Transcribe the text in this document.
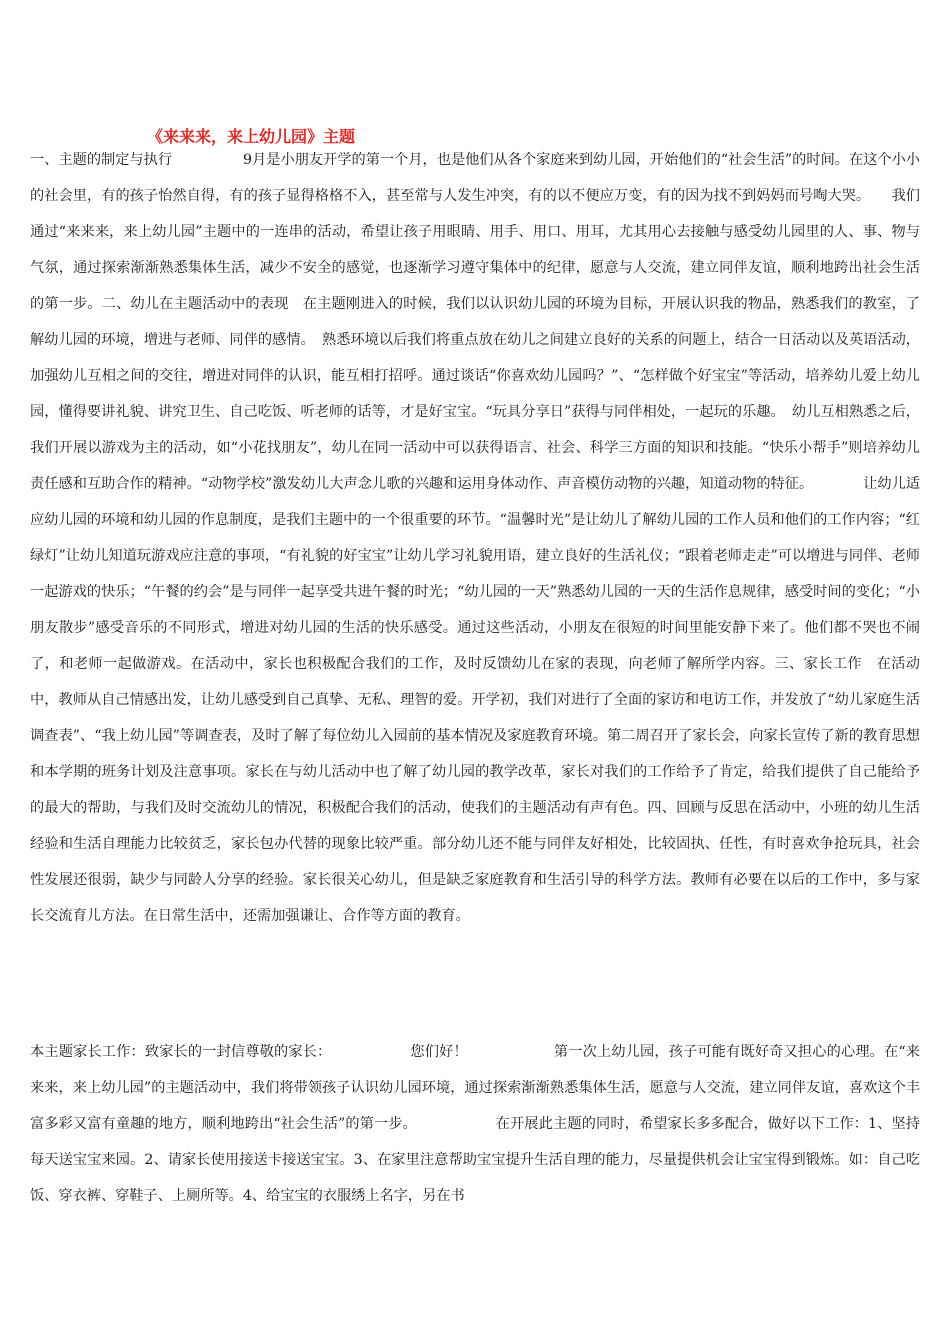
《来来来，来上幼儿园》主题

一、主题的制定与执行　　　　　9月是小朋友开学的第一个月，也是他们从各个家庭来到幼儿园，开始他们的“社会生活”的时间。在这个小小的社会里，有的孩子怡然自得，有的孩子显得格格不入，甚至常与人发生冲突，有的以不便应万变，有的因为找不到妈妈而号啕大哭。　　我们通过“来来来，来上幼儿园”主题中的一连串的活动，希望让孩子用眼睛、用手、用口、用耳，尤其用心去接触与感受幼儿园里的人、事、物与气氛，通过探索渐渐熟悉集体生活，减少不安全的感觉，也逐渐学习遵守集体中的纪律，愿意与人交流，建立同伴友谊，顺利地跨出社会生活的第一步。二、幼儿在主题活动中的表现　在主题刚进入的时候，我们以认识幼儿园的环境为目标，开展认识我的物品，熟悉我们的教室，了解幼儿园的环境，增进与老师、同伴的感情。　熟悉环境以后我们将重点放在幼儿之间建立良好的关系的问题上，结合一日活动以及英语活动，加强幼儿互相之间的交往，增进对同伴的认识，能互相打招呼。通过谈话“你喜欢幼儿园吗？”、“怎样做个好宝宝”等活动，培养幼儿爱上幼儿园，懂得要讲礼貌、讲究卫生、自己吃饭、听老师的话等，才是好宝宝。“玩具分享日”获得与同伴相处，一起玩的乐趣。　幼儿互相熟悉之后，我们开展以游戏为主的活动，如“小花找朋友”，幼儿在同一活动中可以获得语言、社会、科学三方面的知识和技能。“快乐小帮手”则培养幼儿责任感和互助合作的精神。“动物学校”激发幼儿大声念儿歌的兴趣和运用身体动作、声音模仿动物的兴趣，知道动物的特征。　　　　让幼儿适应幼儿园的环境和幼儿园的作息制度，是我们主题中的一个很重要的环节。“温馨时光”是让幼儿了解幼儿园的工作人员和他们的工作内容；“红绿灯”让幼儿知道玩游戏应注意的事项，“有礼貌的好宝宝”让幼儿学习礼貌用语，建立良好的生活礼仪；“跟着老师走走”可以增进与同伴、老师一起游戏的快乐；“午餐的约会”是与同伴一起享受共进午餐的时光；“幼儿园的一天”熟悉幼儿园的一天的生活作息规律，感受时间的变化；“小朋友散步”感受音乐的不同形式，增进对幼儿园的生活的快乐感受。通过这些活动，小朋友在很短的时间里能安静下来了。他们都不哭也不闹了，和老师一起做游戏。在活动中，家长也积极配合我们的工作，及时反馈幼儿在家的表现，向老师了解所学内容。三、家长工作　在活动中，教师从自己情感出发，让幼儿感受到自己真挚、无私、理智的爱。开学初，我们对进行了全面的家访和电访工作，并发放了“幼儿家庭生活调查表”、“我上幼儿园”等调查表，及时了解了每位幼儿入园前的基本情况及家庭教育环境。第二周召开了家长会，向家长宣传了新的教育思想和本学期的班务计划及注意事项。家长在与幼儿活动中也了解了幼儿园的教学改革，家长对我们的工作给予了肯定，给我们提供了自己能给予的最大的帮助，与我们及时交流幼儿的情况，积极配合我们的活动，使我们的主题活动有声有色。四、回顾与反思在活动中，小班的幼儿生活经验和生活自理能力比较贫乏，家长包办代替的现象比较严重。部分幼儿还不能与同伴友好相处，比较固执、任性，有时喜欢争抢玩具，社会性发展还很弱，缺少与同龄人分享的经验。家长很关心幼儿，但是缺乏家庭教育和生活引导的科学方法。教师有必要在以后的工作中，多与家长交流育儿方法。在日常生活中，还需加强谦让、合作等方面的教育。

本主题家长工作：致家长的一封信尊敬的家长：　　　　　　您们好！　　　　　　第一次上幼儿园，孩子可能有既好奇又担心的心理。在“来来来，来上幼儿园”的主题活动中，我们将带领孩子认识幼儿园环境，通过探索渐渐熟悉集体生活，愿意与人交流，建立同伴友谊，喜欢这个丰富多彩又富有童趣的地方，顺利地跨出“社会生活”的第一步。　　　　　　在开展此主题的同时，希望家长多多配合，做好以下工作：1、坚持每天送宝宝来园。2、请家长使用接送卡接送宝宝。3、在家里注意帮助宝宝提升生活自理的能力，尽量提供机会让宝宝得到锻炼。如：自己吃饭、穿衣裤、穿鞋子、上厕所等。4、给宝宝的衣服绣上名字，另在书
